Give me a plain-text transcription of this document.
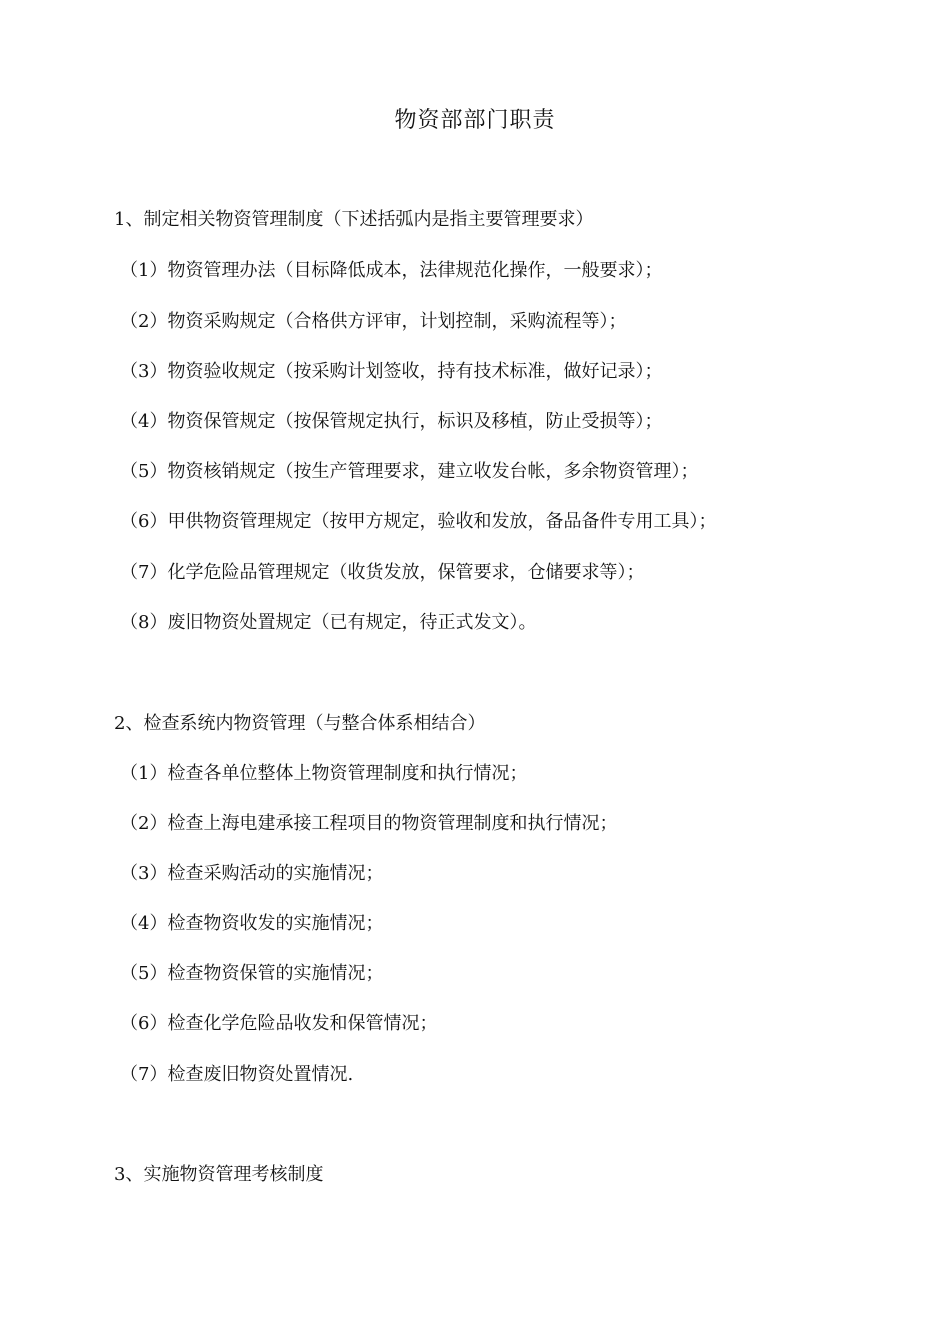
物资部部门职责
1、制定相关物资管理制度（下述括弧内是指主要管理要求）
（1）物资管理办法（目标降低成本，法律规范化操作，一般要求）；
（2）物资采购规定（合格供方评审，计划控制，采购流程等）；
（3）物资验收规定（按采购计划签收，持有技术标准，做好记录）；
（4）物资保管规定（按保管规定执行，标识及移植，防止受损等）；
（5）物资核销规定（按生产管理要求，建立收发台帐，多余物资管理）；
（6）甲供物资管理规定（按甲方规定，验收和发放，备品备件专用工具）；
（7）化学危险品管理规定（收货发放，保管要求，仓储要求等）；
（8）废旧物资处置规定（已有规定，待正式发文）。
2、检查系统内物资管理（与整合体系相结合）
（1）检查各单位整体上物资管理制度和执行情况；
（2）检查上海电建承接工程项目的物资管理制度和执行情况；
（3）检查采购活动的实施情况；
（4）检查物资收发的实施情况；
（5）检查物资保管的实施情况；
（6）检查化学危险品收发和保管情况；
（7）检查废旧物资处置情况.
3、实施物资管理考核制度
